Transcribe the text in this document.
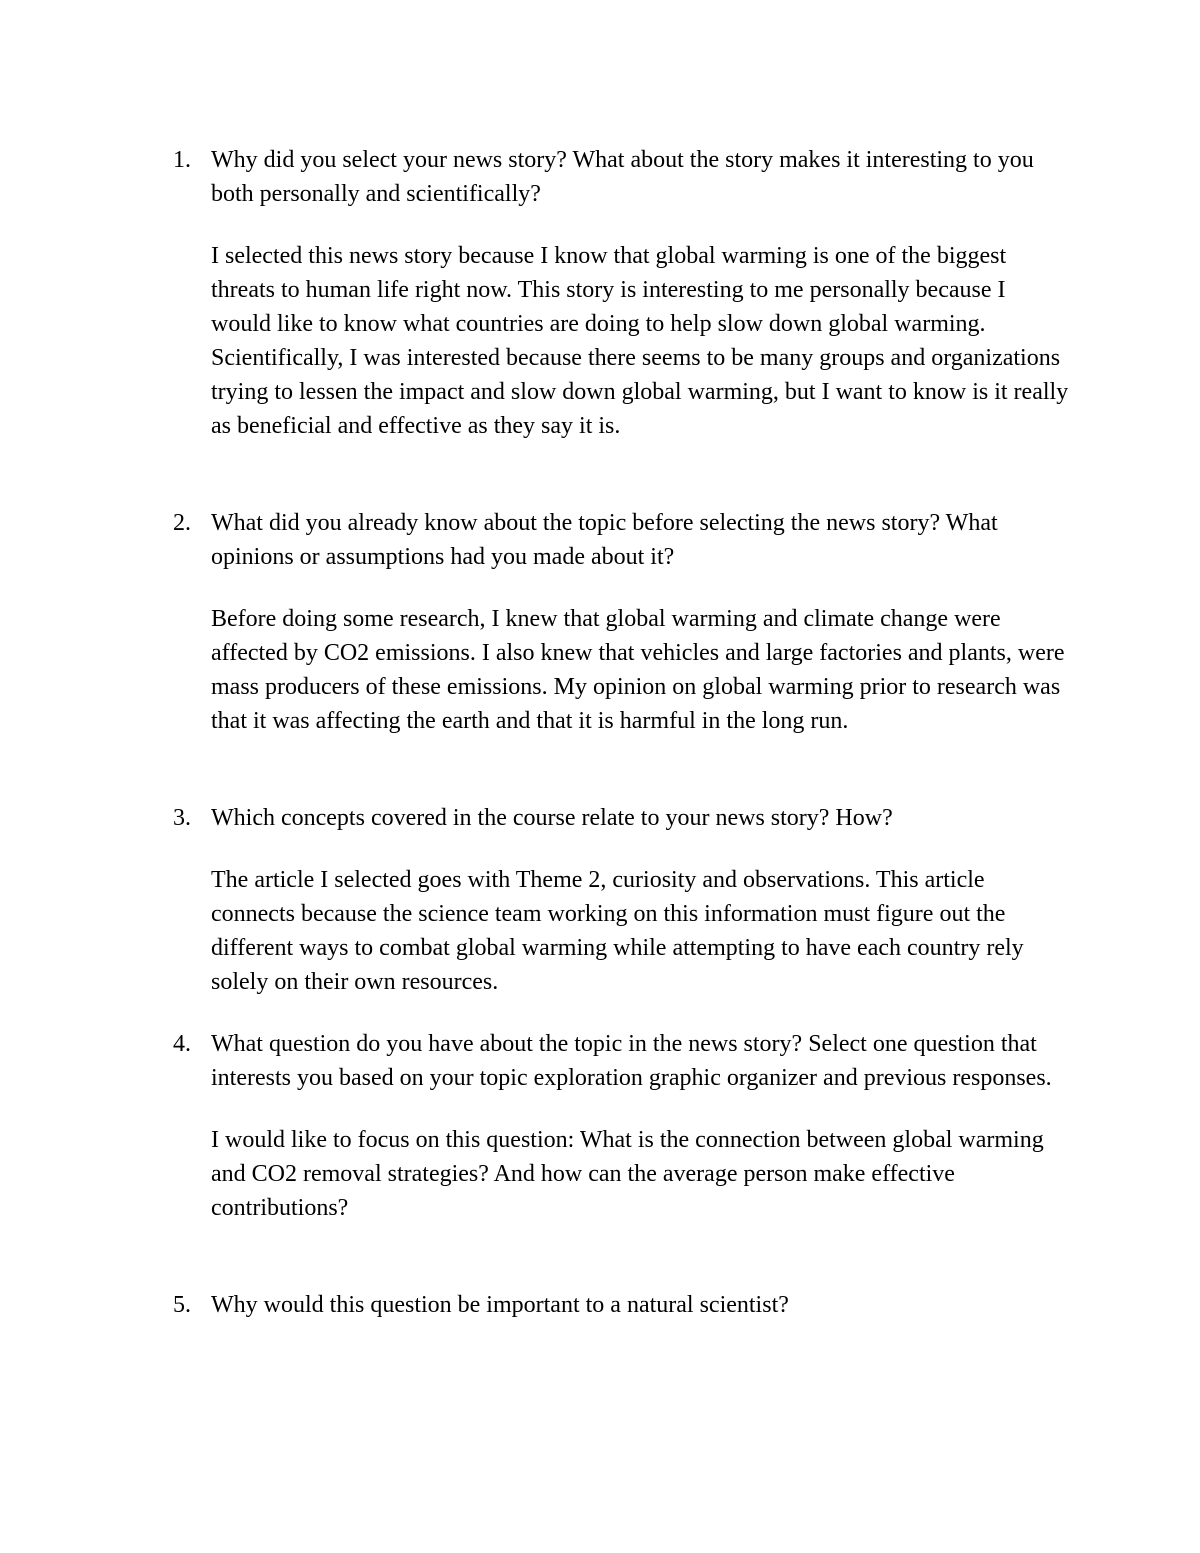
1. Why did you select your news story? What about the story makes it interesting to you both personally and scientifically?

I selected this news story because I know that global warming is one of the biggest threats to human life right now. This story is interesting to me personally because I would like to know what countries are doing to help slow down global warming. Scientifically, I was interested because there seems to be many groups and organizations trying to lessen the impact and slow down global warming, but I want to know is it really as beneficial and effective as they say it is.

2. What did you already know about the topic before selecting the news story? What opinions or assumptions had you made about it?

Before doing some research, I knew that global warming and climate change were affected by CO2 emissions. I also knew that vehicles and large factories and plants, were mass producers of these emissions. My opinion on global warming prior to research was that it was affecting the earth and that it is harmful in the long run.

3. Which concepts covered in the course relate to your news story? How?

The article I selected goes with Theme 2, curiosity and observations. This article connects because the science team working on this information must figure out the different ways to combat global warming while attempting to have each country rely solely on their own resources.

4. What question do you have about the topic in the news story? Select one question that interests you based on your topic exploration graphic organizer and previous responses.

I would like to focus on this question: What is the connection between global warming and CO2 removal strategies? And how can the average person make effective contributions?

5. Why would this question be important to a natural scientist?
